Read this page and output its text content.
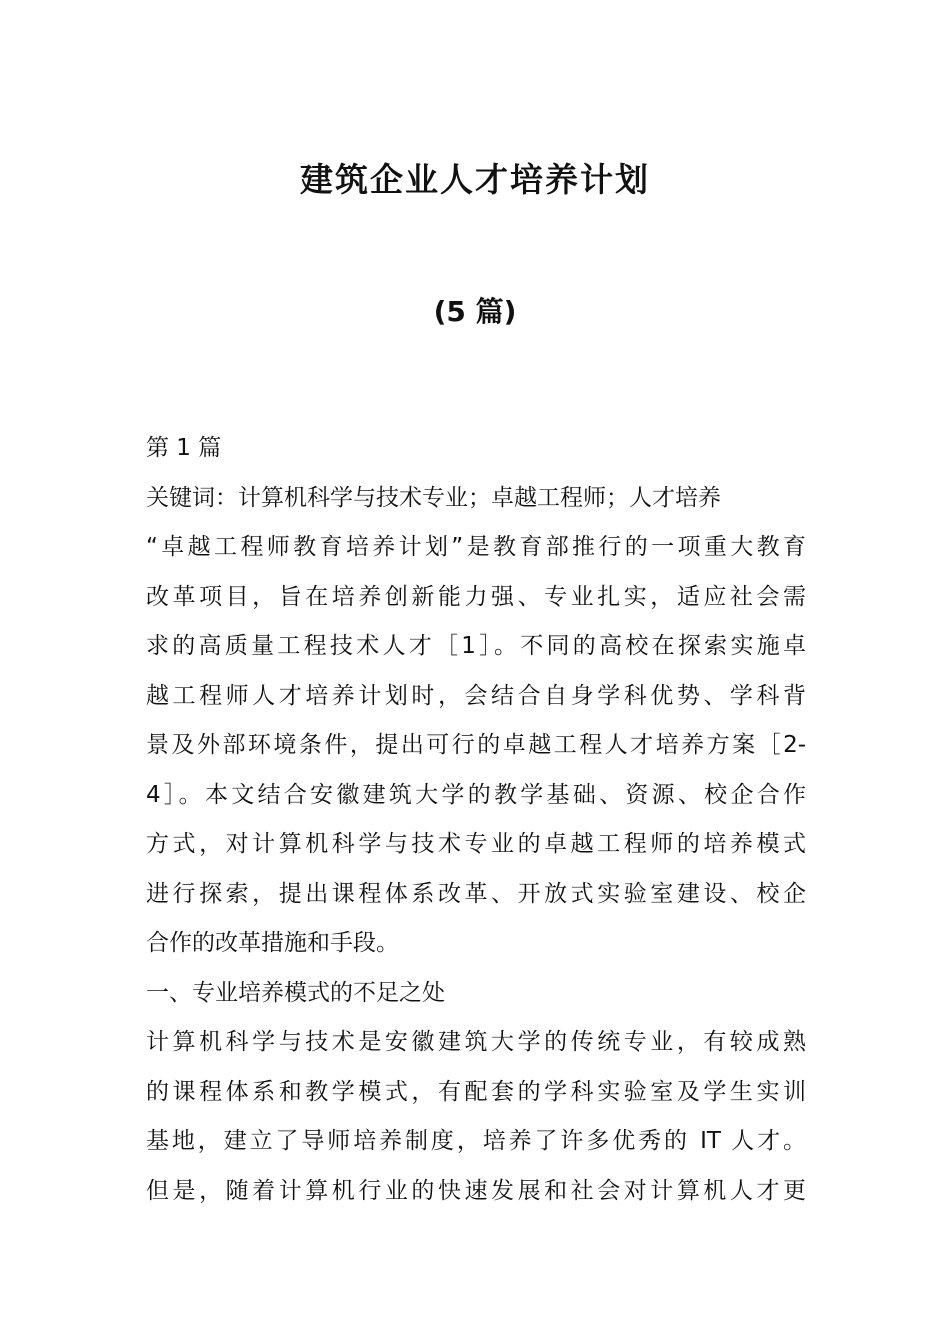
建筑企业人才培养计划
(5 篇)
第 1 篇
关键词：计算机科学与技术专业；卓越工程师；人才培养
“卓越工程师教育培养计划”是教育部推行的一项重大教育
改革项目，旨在培养创新能力强、专业扎实，适应社会需
求的高质量工程技术人才［1］。不同的高校在探索实施卓
越工程师人才培养计划时，会结合自身学科优势、学科背
景及外部环境条件，提出可行的卓越工程人才培养方案［2-
4］。本文结合安徽建筑大学的教学基础、资源、校企合作
方式，对计算机科学与技术专业的卓越工程师的培养模式
进行探索，提出课程体系改革、开放式实验室建设、校企
合作的改革措施和手段。
一、专业培养模式的不足之处
计算机科学与技术是安徽建筑大学的传统专业，有较成熟
的课程体系和教学模式，有配套的学科实验室及学生实训
基地，建立了导师培养制度，培养了许多优秀的 IT 人才。
但是，随着计算机行业的快速发展和社会对计算机人才更
